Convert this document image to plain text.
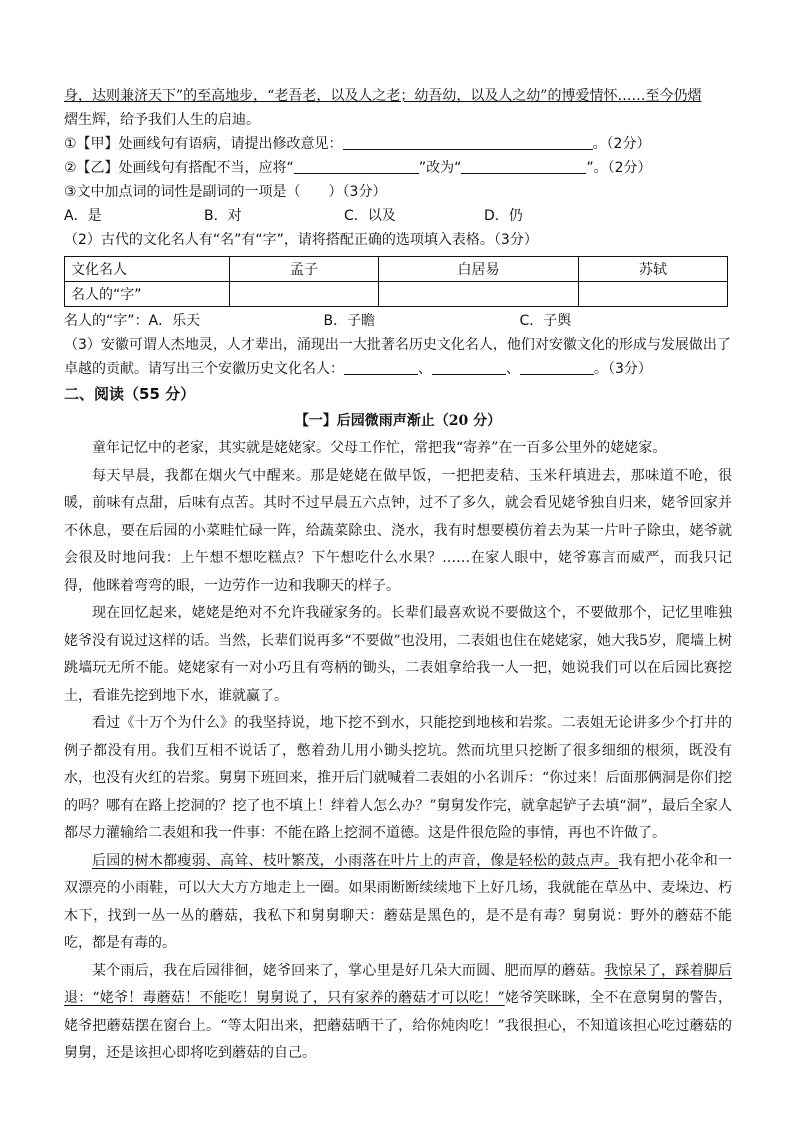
身，达则兼济天下”的至高地步，“老吾老，以及人之老；幼吾幼，以及人之幼”的博爱情怀……至今仍熠
熠生辉，给予我们人生的启迪。
①【甲】处画线句有语病，请提出修改意见：	。（2分）
②【乙】处画线句有搭配不当，应将“	”改为“	”。（2分）
③文中加点词的词性是副词的一项是（　　）（3分）
A．是	B．对	C．以及	D．仍
（2）古代的文化名人有“名”有“字”，请将搭配正确的选项填入表格。（3分）
文化名人	孟子	白居易	苏轼
名人的“字”			
名人的“字”：A．乐天	B．子瞻	C．子舆
（3）安徽可谓人杰地灵，人才辈出，涌现出一大批著名历史文化名人，他们对安徽文化的形成与发展做出了
卓越的贡献。请写出三个安徽历史文化名人：	、	、	。（3分）
二、阅读（55 分）
【一】后园微雨声渐止（20 分）
童年记忆中的老家，其实就是姥姥家。父母工作忙，常把我“寄养”在一百多公里外的姥姥家。
每天早晨，我都在烟火气中醒来。那是姥姥在做早饭，一把把麦秸、玉米秆填进去，那味道不呛，很暖，前味有点甜，后味有点苦。其时不过早晨五六点钟，过不了多久，就会看见姥爷独自归来，姥爷回家并不休息，要在后园的小菜畦忙碌一阵，给蔬菜除虫、浇水，我有时想要模仿着去为某一片叶子除虫，姥爷就会很及时地问我：上午想不想吃糕点？下午想吃什么水果？……在家人眼中，姥爷寡言而威严，而我只记得，他眯着弯弯的眼，一边劳作一边和我聊天的样子。
现在回忆起来，姥姥是绝对不允许我碰家务的。长辈们最喜欢说不要做这个，不要做那个，记忆里唯独姥爷没有说过这样的话。当然，长辈们说再多“不要做”也没用，二表姐也住在姥姥家，她大我5岁，爬墙上树跳墙玩无所不能。姥姥家有一对小巧且有弯柄的锄头，二表姐拿给我一人一把，她说我们可以在后园比赛挖土，看谁先挖到地下水，谁就赢了。
看过《十万个为什么》的我坚持说，地下挖不到水，只能挖到地核和岩浆。二表姐无论讲多少个打井的例子都没有用。我们互相不说话了，憋着劲儿用小锄头挖坑。然而坑里只挖断了很多细细的根须，既没有水，也没有火红的岩浆。舅舅下班回来，推开后门就喊着二表姐的小名训斥：“你过来！后面那俩洞是你们挖的吗？哪有在路上挖洞的？挖了也不填上！绊着人怎么办？”舅舅发作完，就拿起铲子去填“洞”，最后全家人都尽力灌输给二表姐和我一件事：不能在路上挖洞不道德。这是件很危险的事情，再也不许做了。
后园的树木都瘦弱、高耸、枝叶繁茂，小雨落在叶片上的声音，像是轻松的鼓点声。我有把小花伞和一双漂亮的小雨鞋，可以大大方方地走上一圈。如果雨断断续续地下上好几场，我就能在草丛中、麦垛边、朽木下，找到一丛一丛的蘑菇，我私下和舅舅聊天：蘑菇是黑色的，是不是有毒？舅舅说：野外的蘑菇不能吃，都是有毒的。
某个雨后，我在后园徘徊，姥爷回来了，掌心里是好几朵大而圆、肥而厚的蘑菇。我惊呆了，踩着脚后退：“姥爷！毒蘑菇！不能吃！舅舅说了，只有家养的蘑菇才可以吃！”姥爷笑眯眯，全不在意舅舅的警告，姥爷把蘑菇摆在窗台上。“等太阳出来，把蘑菇晒干了，给你炖肉吃！”我很担心，不知道该担心吃过蘑菇的舅舅，还是该担心即将吃到蘑菇的自己。
